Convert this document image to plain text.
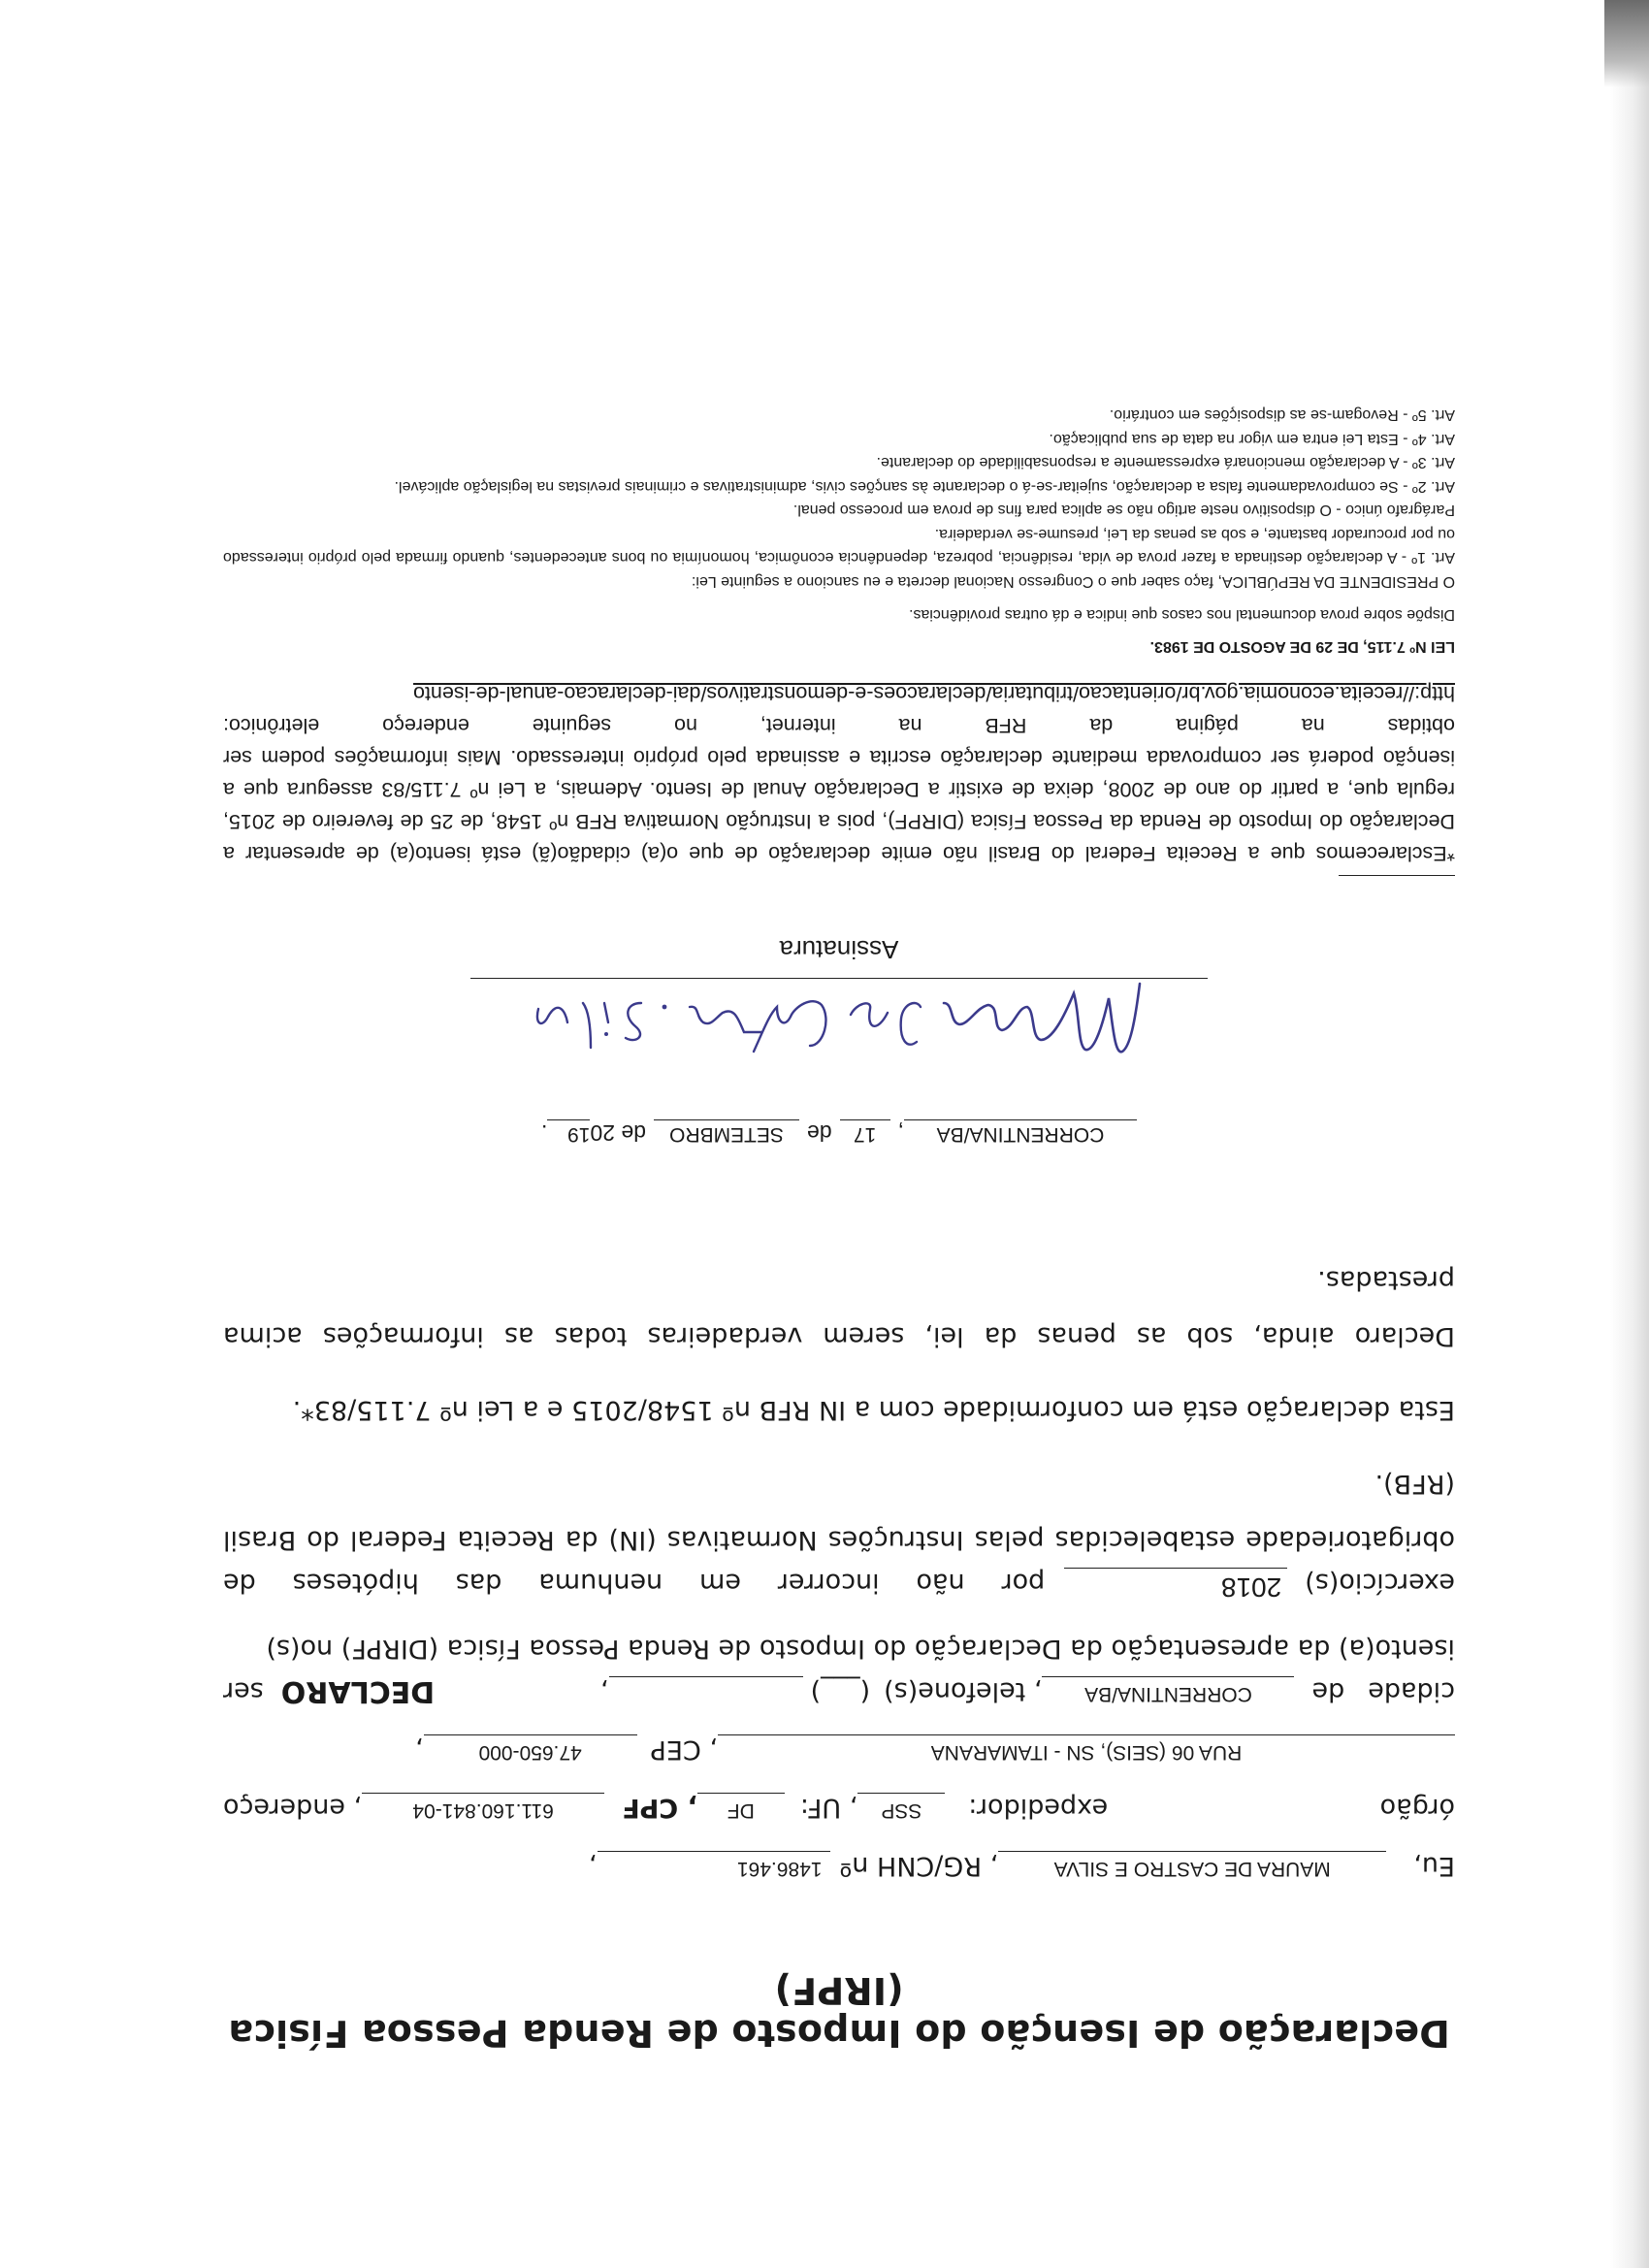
Declaração de Isenção do Imposto de Renda Pessoa Física (IRPF)
Eu,
MAURA DE CASTRO E SILVA
, RG/CNH nº
1486.461
,
órgão
expedidor:
SSP
, UF:
DF
, CPF
611.160.841-04
, endereço
RUA 06 (SEIS), SN - ITAMARANA
, CEP
47.650-000
,
cidade
de
CORRENTINA/BA
, telefone(s)
(___)
,
DECLARO
ser

isento(a) da apresentação da Declaração do Imposto de Renda Pessoa Física (DIRPF) no(s)

exercício(s)
2018
por não incorrer em nenhuma das hipóteses de

obrigatoriedade estabelecidas pelas Instruções Normativas (IN) da Receita Federal do Brasil (RFB).

Esta declaração está em conformidade com a IN RFB nº 1548/2015 e a Lei nº 7.115/83*.

Declaro ainda, sob as penas da lei, serem verdadeiras todas as informações acima prestadas.

CORRENTINA/BA
,
17
de
SETEMBRO
de 20
19
.
Assinatura

*Esclarecemos que a Receita Federal do Brasil não emite declaração de que o(a) cidadão(ã) está isento(a) de apresentar a Declaração do Imposto de Renda da Pessoa Física (DIRPF), pois a Instrução Normativa RFB nº 1548, de 25 de fevereiro de 2015, regula que, a partir do ano de 2008, deixa de existir a Declaração Anual de Isento. Ademais, a Lei nº 7.115/83 assegura que a isenção poderá ser comprovada mediante declaração escrita e assinada pelo próprio interessado. Mais informações podem ser obtidas na página da RFB na internet, no seguinte endereço eletrônico: http://receita.economia.gov.br/orientacao/tributaria/declaracoes-e-demonstrativos/dai-declaracao-anual-de-isento

LEI Nº 7.115, DE 29 DE AGOSTO DE 1983.

Dispõe sobre prova documental nos casos que indica e dá outras providências.

O PRESIDENTE DA REPÚBLICA, faço saber que o Congresso Nacional decreta e eu sanciono a seguinte Lei:

Art. 1º - A declaração destinada a fazer prova de vida, residência, pobreza, dependência econômica, homonímia ou bons antecedentes, quando firmada pelo próprio interessado ou por procurador bastante, e sob as penas da Lei, presume-se verdadeira.

Parágrafo único - O dispositivo neste artigo não se aplica para fins de prova em processo penal.

Art. 2º - Se comprovadamente falsa a declaração, sujeitar-se-á o declarante às sanções civis, administrativas e criminais previstas na legislação aplicável.

Art. 3º - A declaração mencionará expressamente a responsabilidade do declarante.

Art. 4º - Esta Lei entra em vigor na data de sua publicação.

Art. 5º - Revogam-se as disposições em contrário.
